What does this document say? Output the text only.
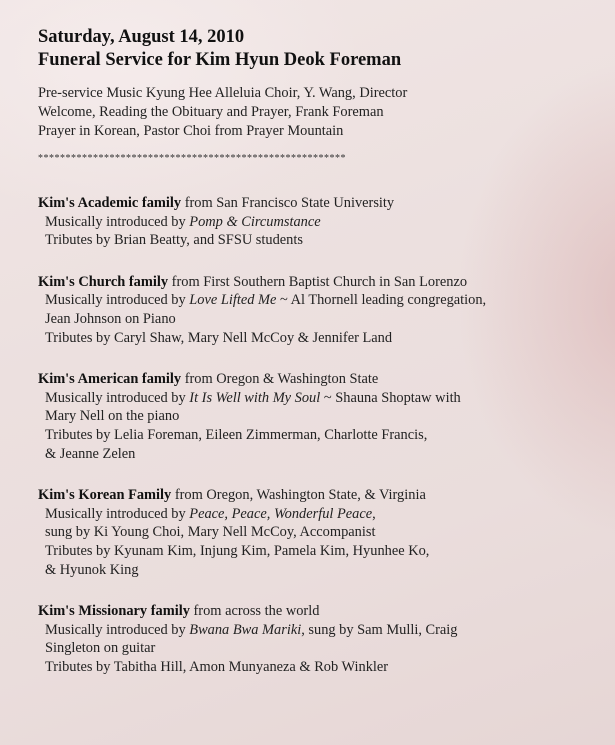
Saturday, August 14, 2010
Funeral Service for Kim Hyun Deok Foreman
Pre-service Music Kyung Hee Alleluia Choir, Y. Wang, Director
Welcome, Reading the Obituary and Prayer, Frank Foreman
Prayer in Korean, Pastor Choi from Prayer Mountain
********************************************************
Kim's Academic family from San Francisco State University
Musically introduced by Pomp & Circumstance
Tributes by Brian Beatty, and SFSU students
Kim's Church family from First Southern Baptist Church in San Lorenzo
Musically introduced by Love Lifted Me ~ Al Thornell leading congregation,
Jean Johnson on Piano
Tributes by Caryl Shaw, Mary Nell McCoy & Jennifer Land
Kim's American family from Oregon & Washington State
Musically introduced by It Is Well with My Soul ~ Shauna Shoptaw with
Mary Nell on the piano
Tributes by Lelia Foreman, Eileen Zimmerman, Charlotte Francis,
& Jeanne Zelen
Kim's Korean Family from Oregon, Washington State, & Virginia
Musically introduced by Peace, Peace, Wonderful Peace,
sung by Ki Young Choi, Mary Nell McCoy, Accompanist
Tributes by Kyunam Kim, Injung Kim, Pamela Kim, Hyunhee Ko,
& Hyunok King
Kim's Missionary family from across the world
Musically introduced by Bwana Bwa Mariki, sung by Sam Mulli, Craig
Singleton on guitar
Tributes by Tabitha Hill, Amon Munyaneza & Rob Winkler
